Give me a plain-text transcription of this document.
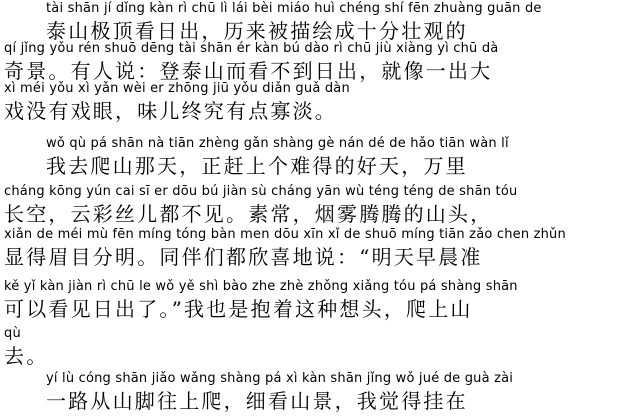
tài shān jí dǐng kàn rì chū lì lái bèi miáo huì chéng shí fēn zhuàng guān de
泰山极顶看日出，历来被描绘成十分壮观的
qí jǐng yǒu rén shuō dēng tài shān ér kàn bú dào rì chū jiù xiàng yì chū dà
奇景。有人说：登泰山而看不到日出，就像一出大
xì méi yǒu xì yǎn wèi er zhōng jiū yǒu diǎn guǎ dàn
戏没有戏眼，味儿终究有点寡淡。
wǒ qù pá shān nà tiān zhèng gǎn shàng gè nán dé de hǎo tiān wàn lǐ
我去爬山那天，正赶上个难得的好天，万里
cháng kōng yún cai sī er dōu bú jiàn sù cháng yān wù téng téng de shān tóu
长空，云彩丝儿都不见。素常，烟雾腾腾的山头，
xiǎn de méi mù fēn míng tóng bàn men dōu xīn xǐ de shuō míng tiān zǎo chen zhǔn
显得眉目分明。同伴们都欣喜地说：“明天早晨准
kě yǐ kàn jiàn rì chū le wǒ yě shì bào zhe zhè zhǒng xiǎng tóu pá shàng shān
可以看见日出了。”我也是抱着这种想头，爬上山
qù
去。
yí lù cóng shān jiǎo wǎng shàng pá xì kàn shān jǐng wǒ jué de guà zài
一路从山脚往上爬，细看山景，我觉得挂在
